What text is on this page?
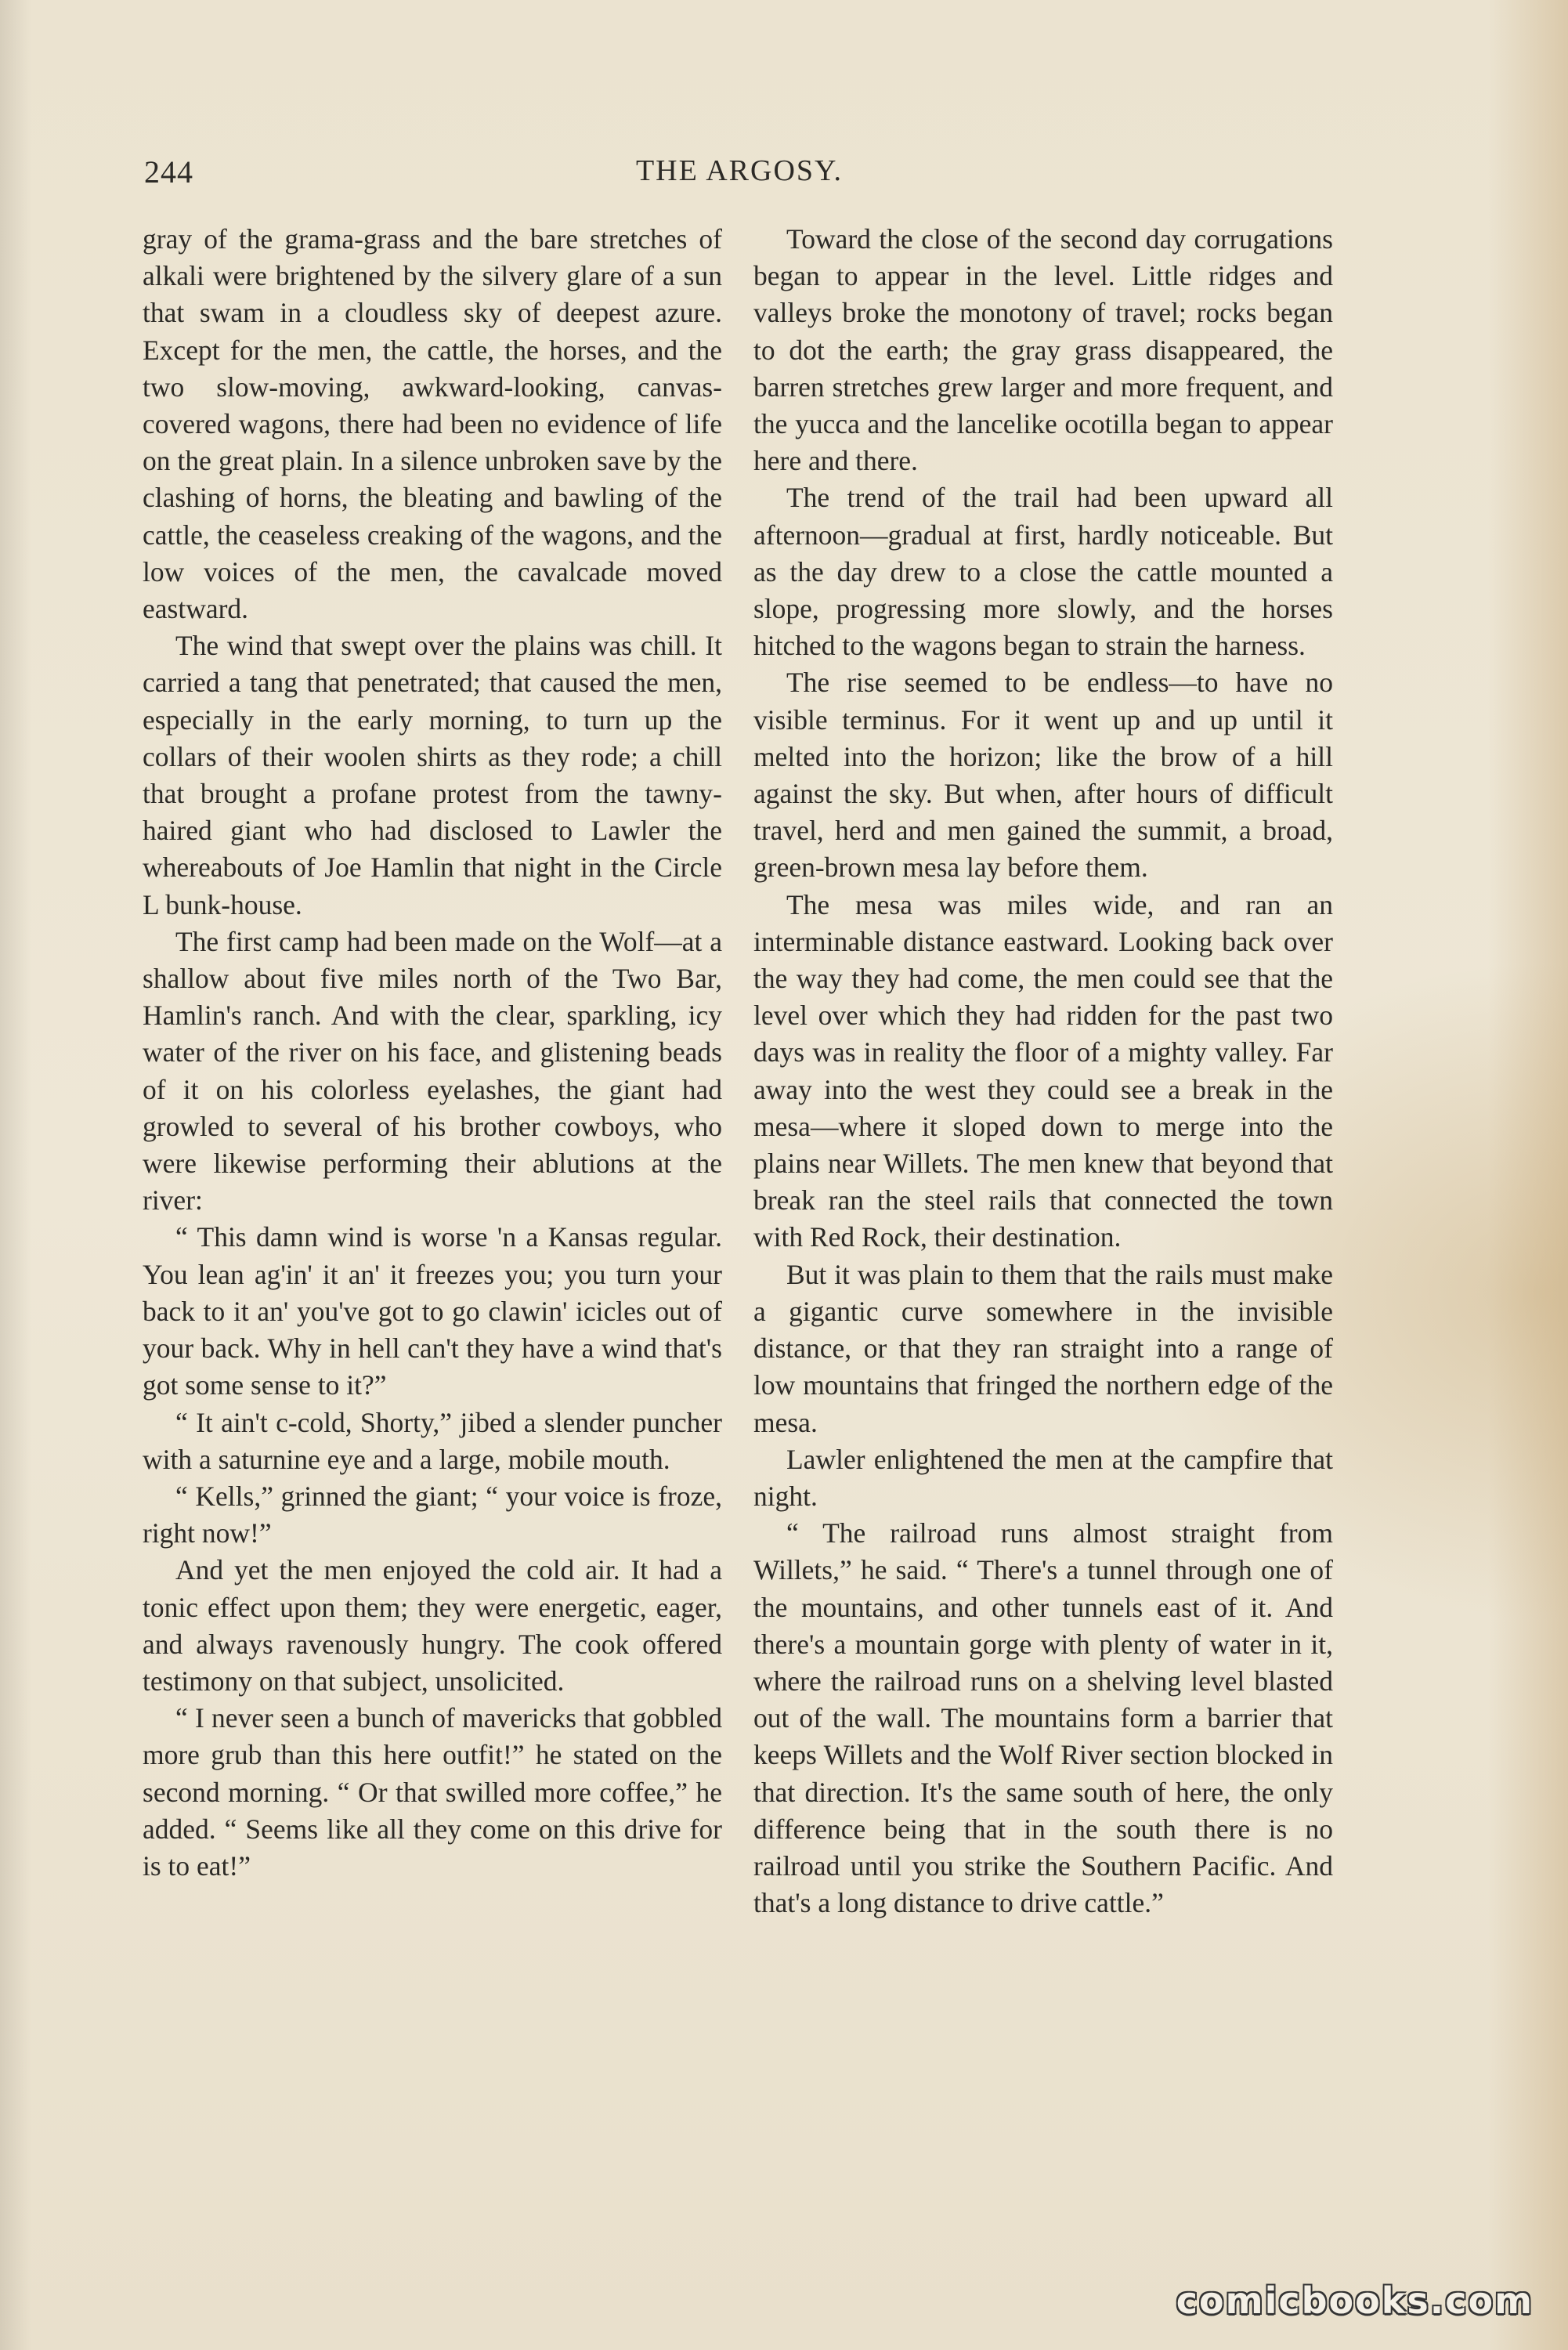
244	THE ARGOSY.

gray of the grama-grass and the bare stretches of alkali were brightened by the silvery glare of a sun that swam in a cloudless sky of deepest azure. Except for the men, the cattle, the horses, and the two slow-moving, awkward-looking, canvas-covered wagons, there had been no evidence of life on the great plain. In a silence unbroken save by the clashing of horns, the bleating and bawling of the cattle, the ceaseless creaking of the wagons, and the low voices of the men, the cavalcade moved eastward.

The wind that swept over the plains was chill. It carried a tang that penetrated; that caused the men, especially in the early morning, to turn up the collars of their woolen shirts as they rode; a chill that brought a profane protest from the tawny-haired giant who had disclosed to Lawler the whereabouts of Joe Hamlin that night in the Circle L bunk-house.

The first camp had been made on the Wolf—at a shallow about five miles north of the Two Bar, Hamlin's ranch. And with the clear, sparkling, icy water of the river on his face, and glistening beads of it on his colorless eyelashes, the giant had growled to several of his brother cowboys, who were likewise performing their ablutions at the river:

“ This damn wind is worse 'n a Kansas regular. You lean ag'in' it an' it freezes you; you turn your back to it an' you've got to go clawin' icicles out of your back. Why in hell can't they have a wind that's got some sense to it?”

“ It ain't c-cold, Shorty,” jibed a slender puncher with a saturnine eye and a large, mobile mouth.

“ Kells,” grinned the giant; “ your voice is froze, right now!”

And yet the men enjoyed the cold air. It had a tonic effect upon them; they were energetic, eager, and always ravenously hungry. The cook offered testimony on that subject, unsolicited.

“ I never seen a bunch of mavericks that gobbled more grub than this here outfit!” he stated on the second morning. “ Or that swilled more coffee,” he added. “ Seems like all they come on this drive for is to eat!”

Toward the close of the second day corrugations began to appear in the level. Little ridges and valleys broke the monotony of travel; rocks began to dot the earth; the gray grass disappeared, the barren stretches grew larger and more frequent, and the yucca and the lancelike ocotilla began to appear here and there.

The trend of the trail had been upward all afternoon—gradual at first, hardly noticeable. But as the day drew to a close the cattle mounted a slope, progressing more slowly, and the horses hitched to the wagons began to strain the harness.

The rise seemed to be endless—to have no visible terminus. For it went up and up until it melted into the horizon; like the brow of a hill against the sky. But when, after hours of difficult travel, herd and men gained the summit, a broad, green-brown mesa lay before them.

The mesa was miles wide, and ran an interminable distance eastward. Looking back over the way they had come, the men could see that the level over which they had ridden for the past two days was in reality the floor of a mighty valley. Far away into the west they could see a break in the mesa—where it sloped down to merge into the plains near Willets. The men knew that beyond that break ran the steel rails that connected the town with Red Rock, their destination.

But it was plain to them that the rails must make a gigantic curve somewhere in the invisible distance, or that they ran straight into a range of low mountains that fringed the northern edge of the mesa.

Lawler enlightened the men at the campfire that night.

“ The railroad runs almost straight from Willets,” he said. “ There's a tunnel through one of the mountains, and other tunnels east of it. And there's a mountain gorge with plenty of water in it, where the railroad runs on a shelving level blasted out of the wall. The mountains form a barrier that keeps Willets and the Wolf River section blocked in that direction. It's the same south of here, the only difference being that in the south there is no railroad until you strike the Southern Pacific. And that's a long distance to drive cattle.”

comicbooks.com
